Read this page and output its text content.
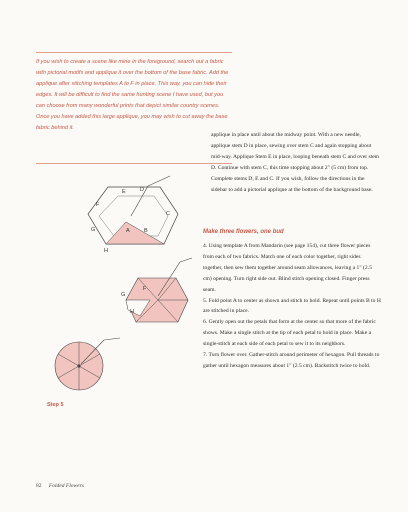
If you wish to create a scene like mine in the foreground, search out a fabric with pictorial motifs and applique it over the bottom of the base fabric. Add the applique after stitching templates A to F in place. This way, you can hide their edges. It will be difficult to find the same hunting scene I have used, but you can choose from many wonderful prints that depict similar country scenes. Once you have added this large applique, you may wish to cut away the base fabric behind it.

applique in place until about the midway point. With a new needle, applique stem D in place, sewing over stem C and again stopping about mid-way. Applique Stem E in place, looping beneath stem C and over stem D. Continue with stem C, this time stopping about 2" (5 cm) from top. Complete stems D, E and C. If you wish, follow the directions in the sidebar to add a pictorial applique at the bottom of the background base.

Make three flowers, one bud

4. Using template A from Mandarin (see page 154), cut three flower pieces from each of two fabrics. Match one of each color together, right sides together, then sew them together around seam allowances, leaving a 1" (2.5 cm) opening. Turn right side out. Blind stitch opening closed. Finger press seam.

5. Fold point A to center as shown and stitch to hold. Repeat until points B to H are stitched in place.

6. Gently open out the petals that form at the center so that more of the fabric shows. Make a single stitch at the tip of each petal to hold in place. Make a single-stitch at each side of each petal to sew it to its neighbors.

7. Turn flower over. Gather-stitch around perimeter of hexagon. Pull threads to gather until hexagon measures about 1" (2.5 cm). Backstitch twice to hold.

E	D
F
C
G	A	B
H
G
F
H
Step 5
82 Folded Flowers
